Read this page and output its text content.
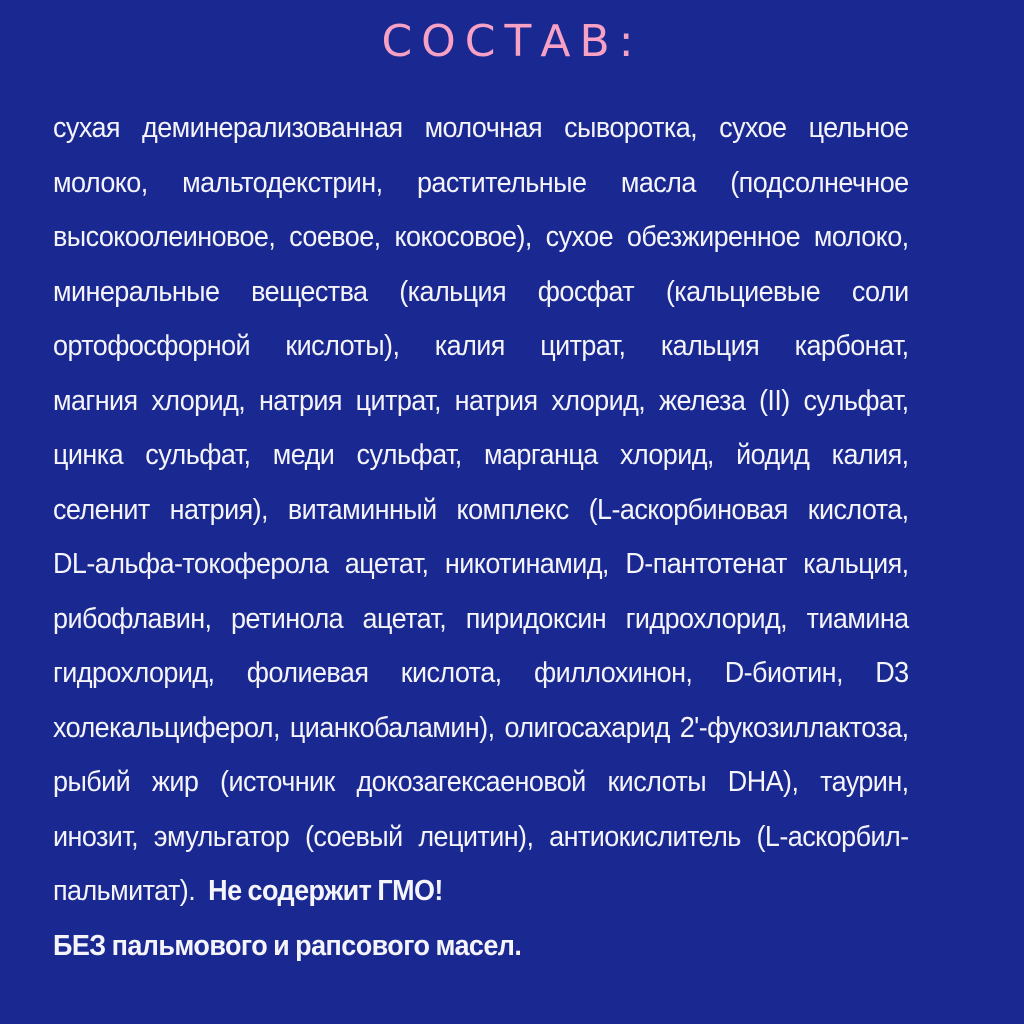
СОСТАВ:
сухая деминерализованная молочная сыворотка, сухое цельное
молоко, мальтодекстрин, растительные масла (подсолнечное
высокоолеиновое, соевое, кокосовое), сухое обезжиренное молоко,
минеральные вещества (кальция фосфат (кальциевые соли
ортофосфорной кислоты), калия цитрат, кальция карбонат,
магния хлорид, натрия цитрат, натрия хлорид, железа (II) сульфат,
цинка сульфат, меди сульфат, марганца хлорид, йодид калия,
селенит натрия), витаминный комплекс (L-аскорбиновая кислота,
DL-альфа-токоферола ацетат, никотинамид, D-пантотенат кальция,
рибофлавин, ретинола ацетат, пиридоксин гидрохлорид, тиамина
гидрохлорид, фолиевая кислота, филлохинон, D-биотин, D3
холекальциферол, цианкобаламин), олигосахарид 2'-фукозиллактоза,
рыбий жир (источник докозагексаеновой кислоты DHA), таурин,
инозит, эмульгатор (соевый лецитин), антиокислитель (L-аскорбил-
пальмитат). Не содержит ГМО!
БЕЗ пальмового и рапсового масел.
